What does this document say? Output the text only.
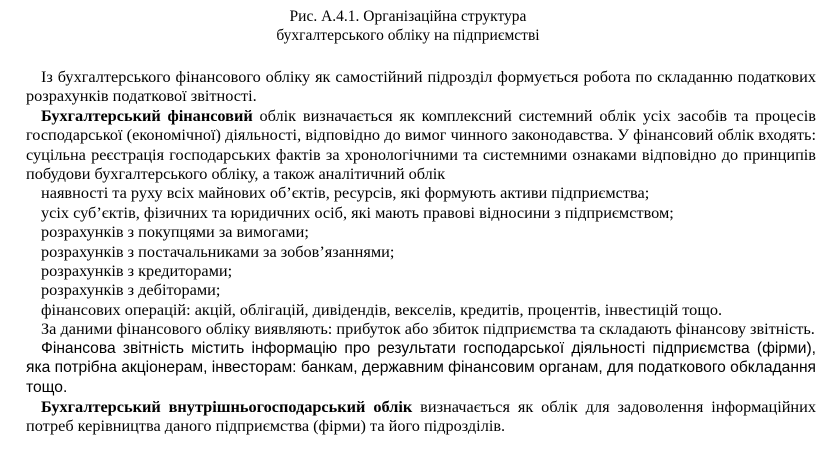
Рис. А.4.1. Організаційна структура
бухгалтерського обліку на підприємстві

Із бухгалтерського фінансового обліку як самостійний підрозділ формується робота по складанню податкових розрахунків податкової звітності.

Бухгалтерський фінансовий облік визначається як комплексний системний облік усіх засобів та процесів господарської (економічної) діяльності, відповідно до вимог чинного законодавства. У фінансовий облік входять: суцільна реєстрація господарських фактів за хронологічними та системними ознаками відповідно до принципів побудови бухгалтерського обліку, а також аналітичний облік

наявності та руху всіх майнових об’єктів, ресурсів, які формують активи підприємства;

усіх суб’єктів, фізичних та юридичних осіб, які мають правові відносини з підприємством;

розрахунків з покупцями за вимогами;

розрахунків з постачальниками за зобов’язаннями;

розрахунків з кредиторами;

розрахунків з дебіторами;

фінансових операцій: акцій, облігацій, дивідендів, векселів, кредитів, процентів, інвестицій тощо.

За даними фінансового обліку виявляють: прибуток або збиток підприємства та складають фінансову звітність.

Фінансова звітність містить інформацію про результати господарської діяльності підприємства (фірми), яка потрібна акціонерам, інвесторам: банкам, державним фінансовим органам, для податкового обкладання тощо.

Бухгалтерський внутрішньогосподарський облік визначається як облік для задоволення інформаційних потреб керівництва даного підприємства (фірми) та його підрозділів.
